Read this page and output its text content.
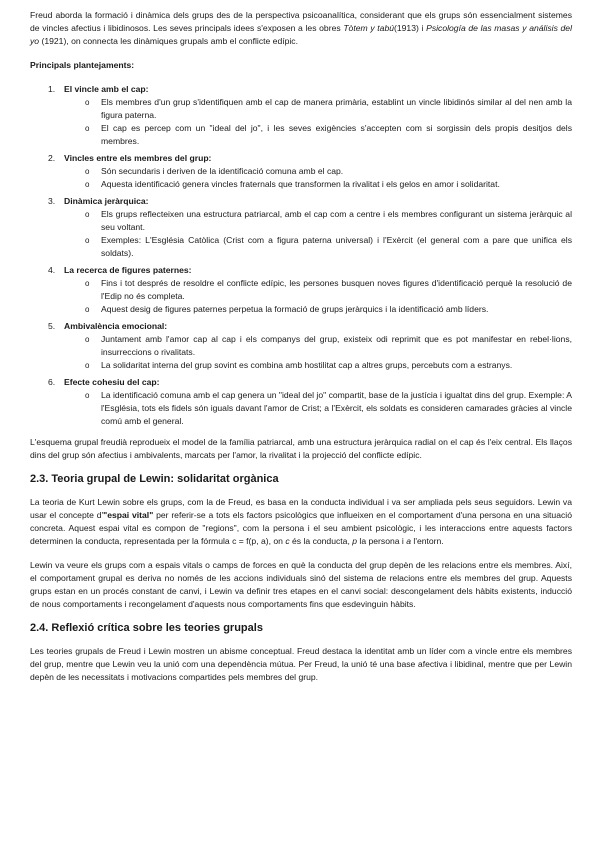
Freud aborda la formació i dinàmica dels grups des de la perspectiva psicoanalítica, considerant que els grups són essencialment sistemes de vincles afectius i libidinosos. Les seves principals idees s'exposen a les obres Tòtem y tabú(1913) i Psicología de las masas y análisis del yo (1921), on connecta les dinàmiques grupals amb el conflicte edípic.

Principals plantejaments:

1. El vincle amb el cap:
o Els membres d'un grup s'identifiquen amb el cap de manera primària, establint un vincle libidinós similar al del nen amb la figura paterna.
o El cap es percep com un "ideal del jo", i les seves exigències s'accepten com si sorgissin dels propis desitjos dels membres.
2. Vincles entre els membres del grup:
o Són secundaris i deriven de la identificació comuna amb el cap.
o Aquesta identificació genera vincles fraternals que transformen la rivalitat i els gelos en amor i solidaritat.
3. Dinàmica jeràrquica:
o Els grups reflecteixen una estructura patriarcal, amb el cap com a centre i els membres configurant un sistema jeràrquic al seu voltant.
o Exemples: L'Església Catòlica (Crist com a figura paterna universal) i l'Exèrcit (el general com a pare que unifica els soldats).
4. La recerca de figures paternes:
o Fins i tot després de resoldre el conflicte edípic, les persones busquen noves figures d'identificació perquè la resolució de l'Edip no és completa.
o Aquest desig de figures paternes perpetua la formació de grups jeràrquics i la identificació amb líders.
5. Ambivalència emocional:
o Juntament amb l'amor cap al cap i els companys del grup, existeix odi reprimit que es pot manifestar en rebel·lions, insurreccions o rivalitats.
o La solidaritat interna del grup sovint es combina amb hostilitat cap a altres grups, percebuts com a estranys.
6. Efecte cohesiu del cap:
o La identificació comuna amb el cap genera un "ideal del jo" compartit, base de la justícia i igualtat dins del grup. Exemple: A l'Església, tots els fidels són iguals davant l'amor de Crist; a l'Exèrcit, els soldats es consideren camarades gràcies al vincle comú amb el general.

L'esquema grupal freudià reprodueix el model de la família patriarcal, amb una estructura jeràrquica radial on el cap és l'eix central. Els llaços dins del grup són afectius i ambivalents, marcats per l'amor, la rivalitat i la projecció del conflicte edípic.

2.3. Teoria grupal de Lewin: solidaritat orgànica

La teoria de Kurt Lewin sobre els grups, com la de Freud, es basa en la conducta individual i va ser ampliada pels seus seguidors. Lewin va usar el concepte d'"espai vital" per referir-se a tots els factors psicològics que influeixen en el comportament d'una persona en una situació concreta. Aquest espai vital es compon de "regions", com la persona i el seu ambient psicològic, i les interaccions entre aquests factors determinen la conducta, representada per la fórmula c = f(p, a), on c és la conducta, p la persona i a l'entorn.

Lewin va veure els grups com a espais vitals o camps de forces en què la conducta del grup depèn de les relacions entre els membres. Així, el comportament grupal es deriva no només de les accions individuals sinó del sistema de relacions entre els membres del grup. Aquests grups estan en un procés constant de canvi, i Lewin va definir tres etapes en el canvi social: descongelament dels hàbits existents, inducció de nous comportaments i recongelament d'aquests nous comportaments fins que esdevinguin hàbits.

2.4. Reflexió crítica sobre les teories grupals

Les teories grupals de Freud i Lewin mostren un abisme conceptual. Freud destaca la identitat amb un líder com a vincle entre els membres del grup, mentre que Lewin veu la unió com una dependència mútua. Per Freud, la unió té una base afectiva i libidinal, mentre que per Lewin depèn de les necessitats i motivacions compartides pels membres del grup.
